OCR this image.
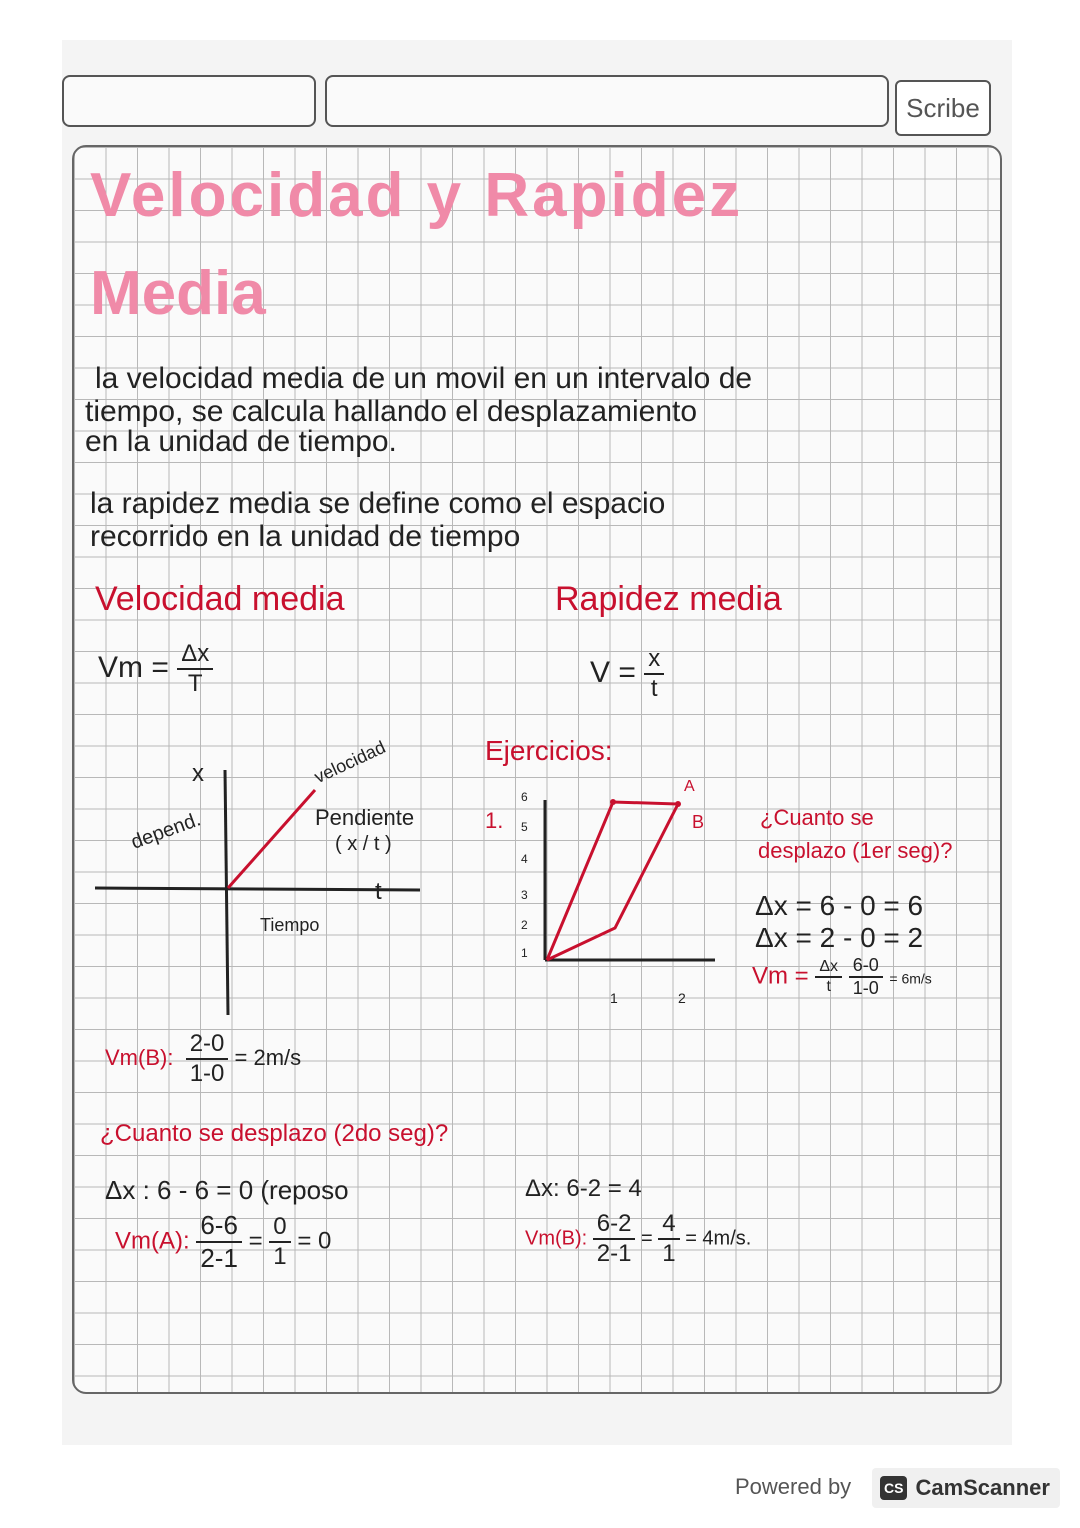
Scribe
Velocidad y Rapidez
Media
la velocidad media de un movil en un intervalo de
tiempo, se calcula hallando el desplazamiento
en la unidad de tiempo.
la rapidez media se define como el espacio
recorrido en la unidad de tiempo
Velocidad media	Rapidez media
$Vm = \frac{\Delta x}{T}$	$V = \frac{x}{t}$
x
depend.
t
Tiempo
velocidad
Pendiente
( x / t )
Ejercicios:
1.
A
B
6
5
4
3
2
1
1	2
¿Cuanto se
desplazo (1er seg)?
Δx = 6 - 0 = 6
Δx = 2 - 0 = 2
$Vm = \frac{\Delta x}{t}$
$\frac{6-0}{1-0} = 6m/s$
Vm(B): $\frac{2-0}{1-0} = 2m/s$
¿Cuanto se desplazo (2do seg)?
Δx : 6 - 6 = 0 (reposo
Vm(A): $\frac{6-6}{2-1} = \frac{0}{1} = 0$
Δx: 6-2 = 4
Vm(B): $\frac{6-2}{2-1} = \frac{4}{1} = 4m/s$.
Powered by CS CamScanner
